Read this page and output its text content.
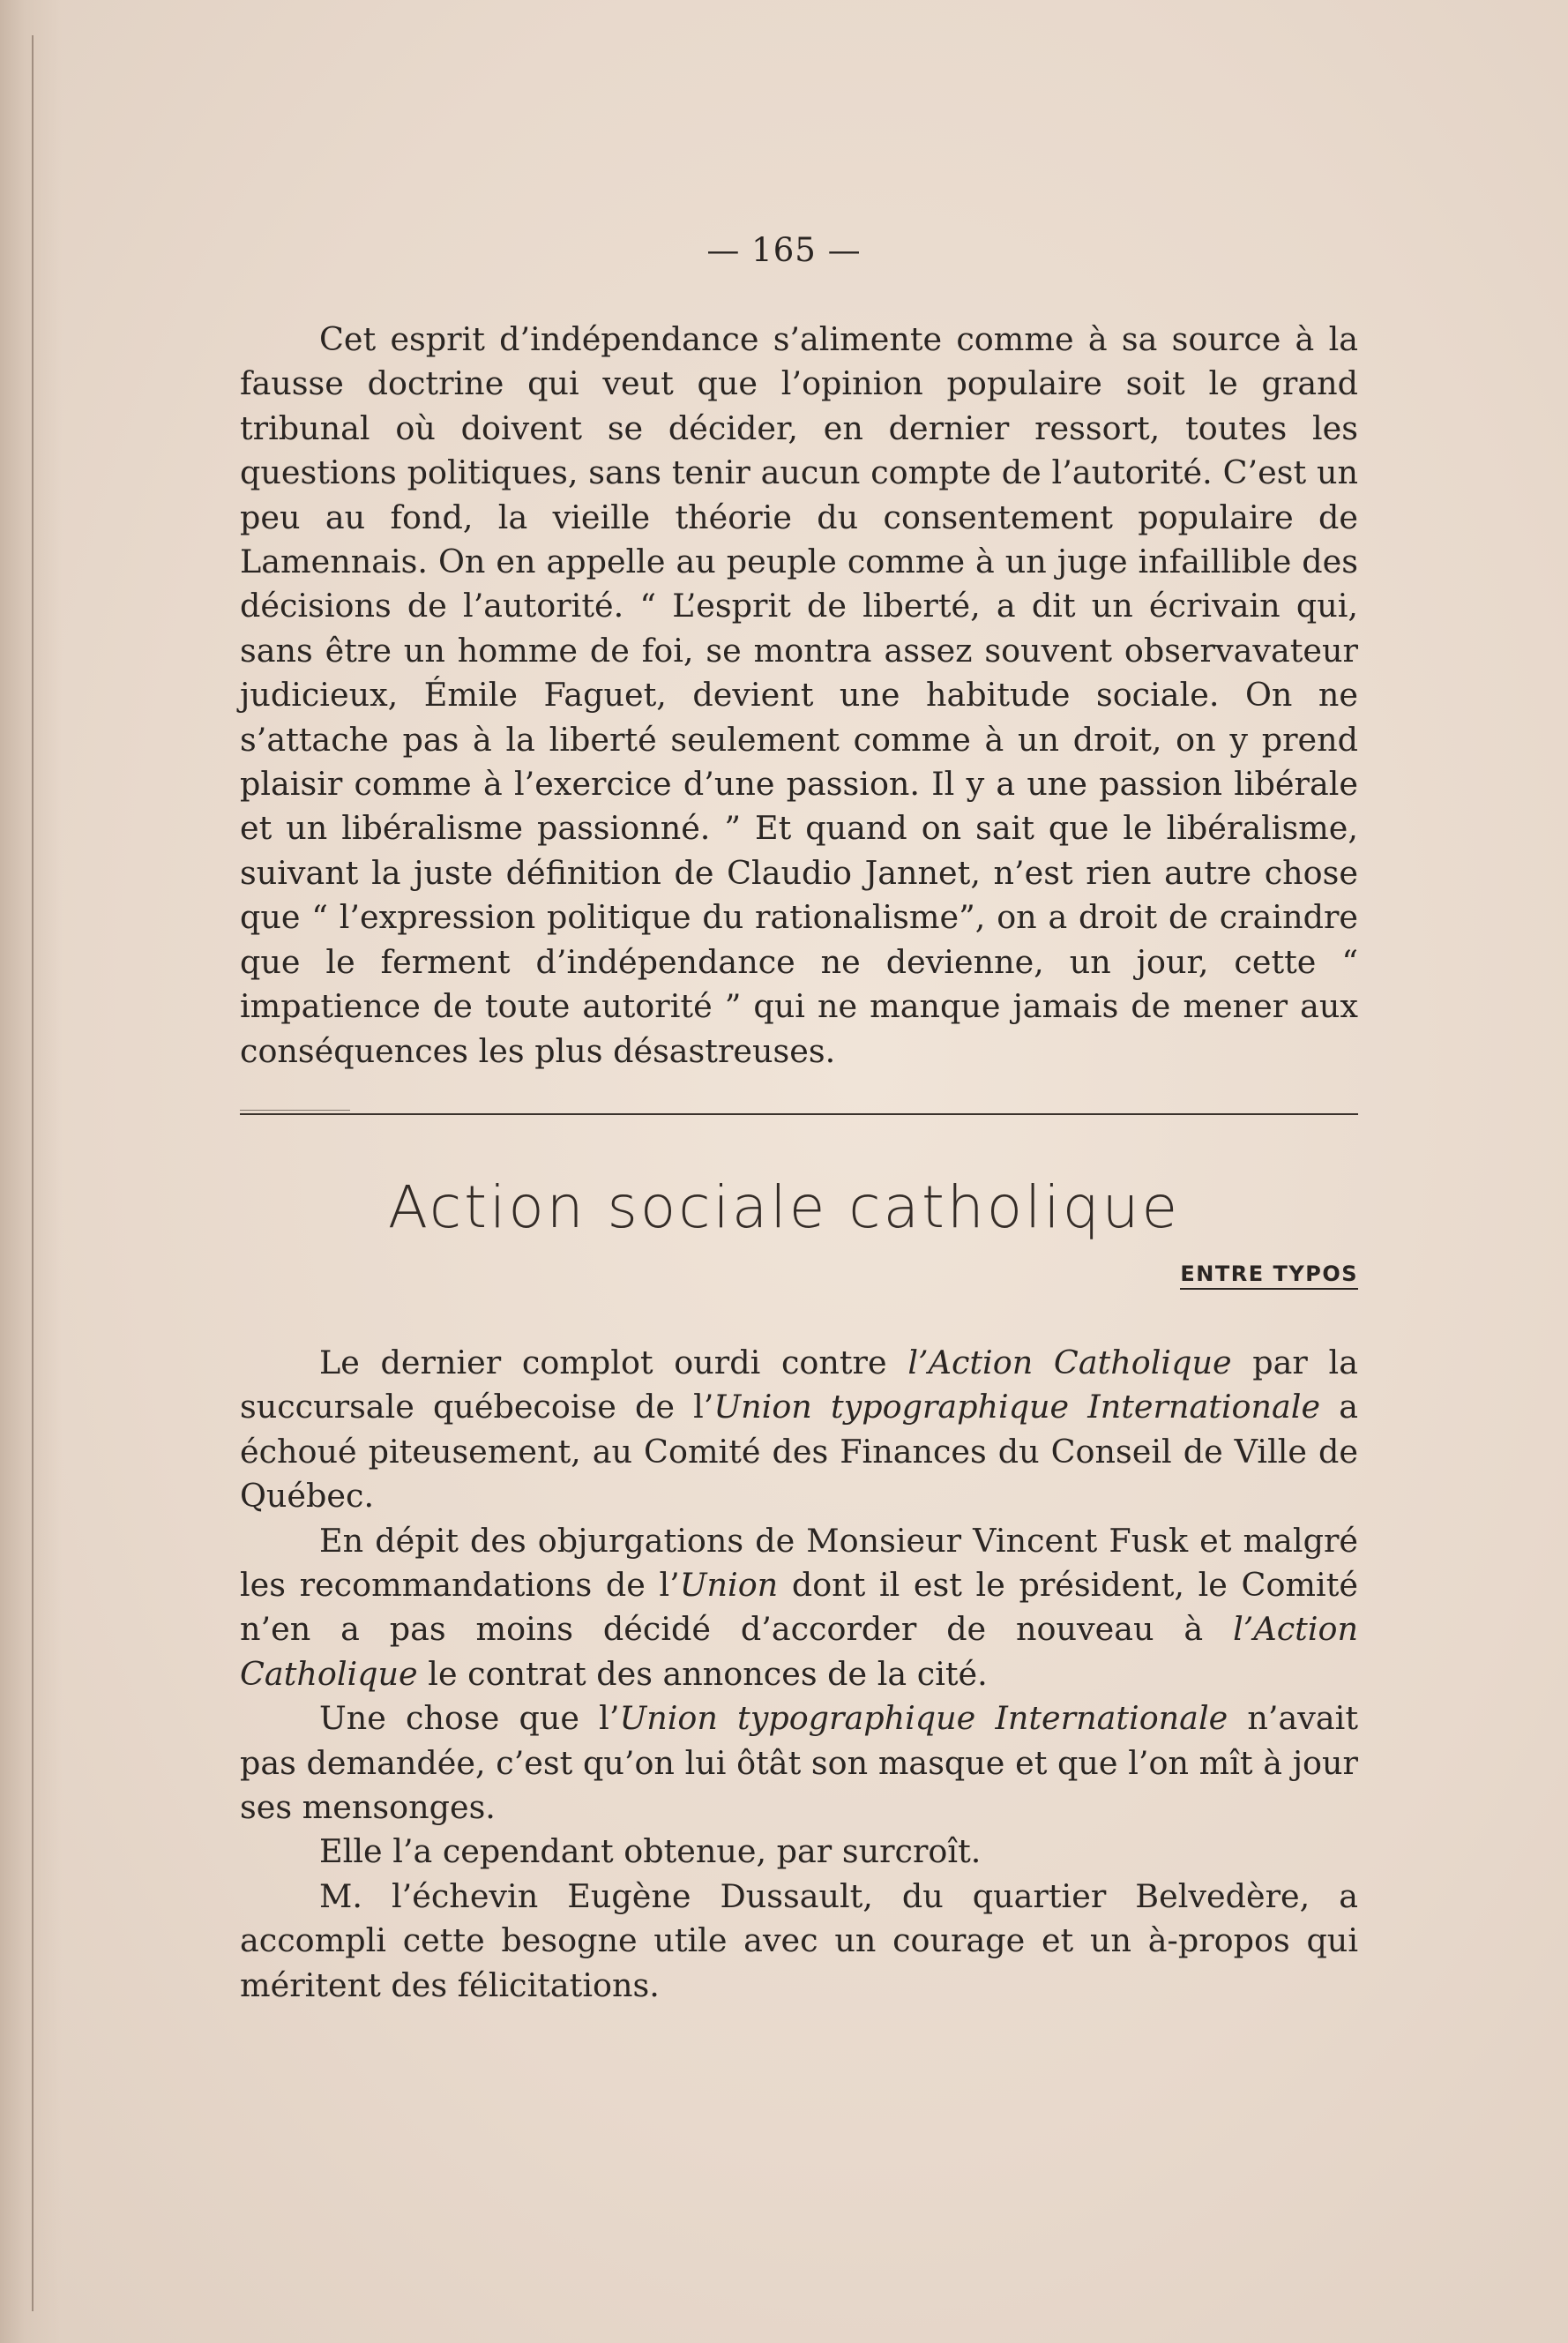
— 165 —

Cet esprit d’indépendance s’alimente comme à sa source à la fausse doctrine qui veut que l’opinion populaire soit le grand tribunal où doivent se décider, en dernier ressort, toutes les questions politiques, sans tenir aucun compte de l’autorité. C’est un peu au fond, la vieille théorie du consentement populaire de Lamennais. On en appelle au peuple comme à un juge infaillible des décisions de l’autorité. “ L’esprit de liberté, a dit un écrivain qui, sans être un homme de foi, se montra assez souvent observavateur judicieux, Émile Faguet, devient une habitude sociale. On ne s’attache pas à la liberté seulement comme à un droit, on y prend plaisir comme à l’exercice d’une passion. Il y a une passion libérale et un libéralisme passionné. ” Et quand on sait que le libéralisme, suivant la juste définition de Claudio Jannet, n’est rien autre chose que “ l’expression politique du rationalisme”, on a droit de craindre que le ferment d’indépendance ne devienne, un jour, cette “ impatience de toute autorité ” qui ne manque jamais de mener aux conséquences les plus désastreuses.

Action sociale catholique
ENTRE TYPOS

Le dernier complot ourdi contre l’Action Catholique par la succursale québecoise de l’Union typographique Internationale a échoué piteusement, au Comité des Finances du Conseil de Ville de Québec.

En dépit des objurgations de Monsieur Vincent Fusk et malgré les recommandations de l’Union dont il est le président, le Comité n’en a pas moins décidé d’accorder de nouveau à l’Action Catholique le contrat des annonces de la cité.

Une chose que l’Union typographique Internationale n’avait pas demandée, c’est qu’on lui ôtât son masque et que l’on mît à jour ses mensonges.

Elle l’a cependant obtenue, par surcroît.

M. l’échevin Eugène Dussault, du quartier Belvedère, a accompli cette besogne utile avec un courage et un à-propos qui méritent des félicitations.
